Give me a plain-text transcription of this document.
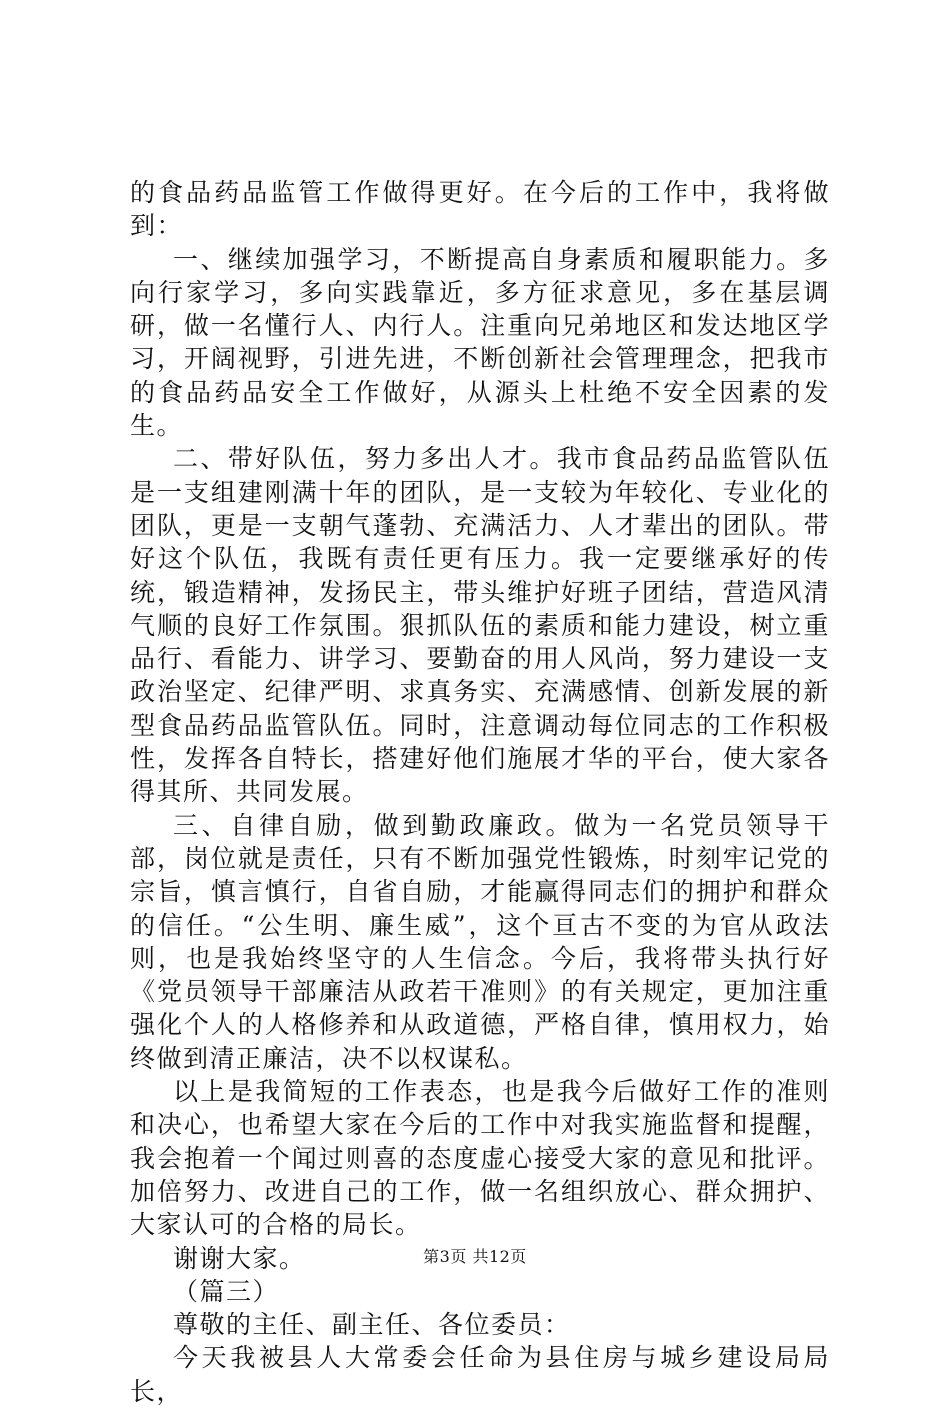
的食品药品监管工作做得更好。在今后的工作中，我将做到：

一、继续加强学习，不断提高自身素质和履职能力。多向行家学习，多向实践靠近，多方征求意见，多在基层调研，做一名懂行人、内行人。注重向兄弟地区和发达地区学习，开阔视野，引进先进，不断创新社会管理理念，把我市的食品药品安全工作做好，从源头上杜绝不安全因素的发生。

二、带好队伍，努力多出人才。我市食品药品监管队伍是一支组建刚满十年的团队，是一支较为年较化、专业化的团队，更是一支朝气蓬勃、充满活力、人才辈出的团队。带好这个队伍，我既有责任更有压力。我一定要继承好的传统，锻造精神，发扬民主，带头维护好班子团结，营造风清气顺的良好工作氛围。狠抓队伍的素质和能力建设，树立重品行、看能力、讲学习、要勤奋的用人风尚，努力建设一支政治坚定、纪律严明、求真务实、充满感情、创新发展的新型食品药品监管队伍。同时，注意调动每位同志的工作积极性，发挥各自特长，搭建好他们施展才华的平台，使大家各得其所、共同发展。

三、自律自励，做到勤政廉政。做为一名党员领导干部，岗位就是责任，只有不断加强党性锻炼，时刻牢记党的宗旨，慎言慎行，自省自励，才能赢得同志们的拥护和群众的信任。“公生明、廉生威”，这个亘古不变的为官从政法则，也是我始终坚守的人生信念。今后，我将带头执行好《党员领导干部廉洁从政若干准则》的有关规定，更加注重强化个人的人格修养和从政道德，严格自律，慎用权力，始终做到清正廉洁，决不以权谋私。

以上是我简短的工作表态，也是我今后做好工作的准则和决心，也希望大家在今后的工作中对我实施监督和提醒，我会抱着一个闻过则喜的态度虚心接受大家的意见和批评。加倍努力、改进自己的工作，做一名组织放心、群众拥护、大家认可的合格的局长。

谢谢大家。

（篇三）

尊敬的主任、副主任、各位委员：

今天我被县人大常委会任命为县住房与城乡建设局局长，

第3页 共12页
